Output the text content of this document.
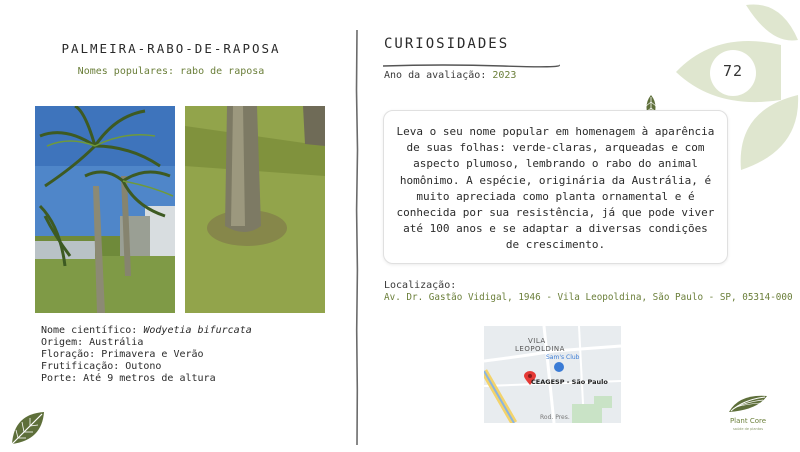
PALMEIRA-RABO-DE-RAPOSA
Nomes populares: rabo de raposa
Nome científico: Wodyetia bifurcata
Origem: Austrália
Floração: Primavera e Verão
Frutificação: Outono
Porte: Até 9 metros de altura
CURIOSIDADES
Ano da avaliação: 2023

Leva o seu nome popular em homenagem à aparência de suas folhas: verde-claras, arqueadas e com aspecto plumoso, lembrando o rabo do animal homônimo. A espécie, originária da Austrália, é muito apreciada como planta ornamental e é conhecida por sua resistência, já que pode viver até 100 anos e se adaptar a diversas condições de crescimento.

Localização:
Av. Dr. Gastão Vidigal, 1946 - Vila Leopoldina, São Paulo - SP, 05314-000
VILA
LEOPOLDINA
Sam's Club
CEAGESP - São Paulo
Rod. Pres.
72
Plant Core
saúde de plantas
